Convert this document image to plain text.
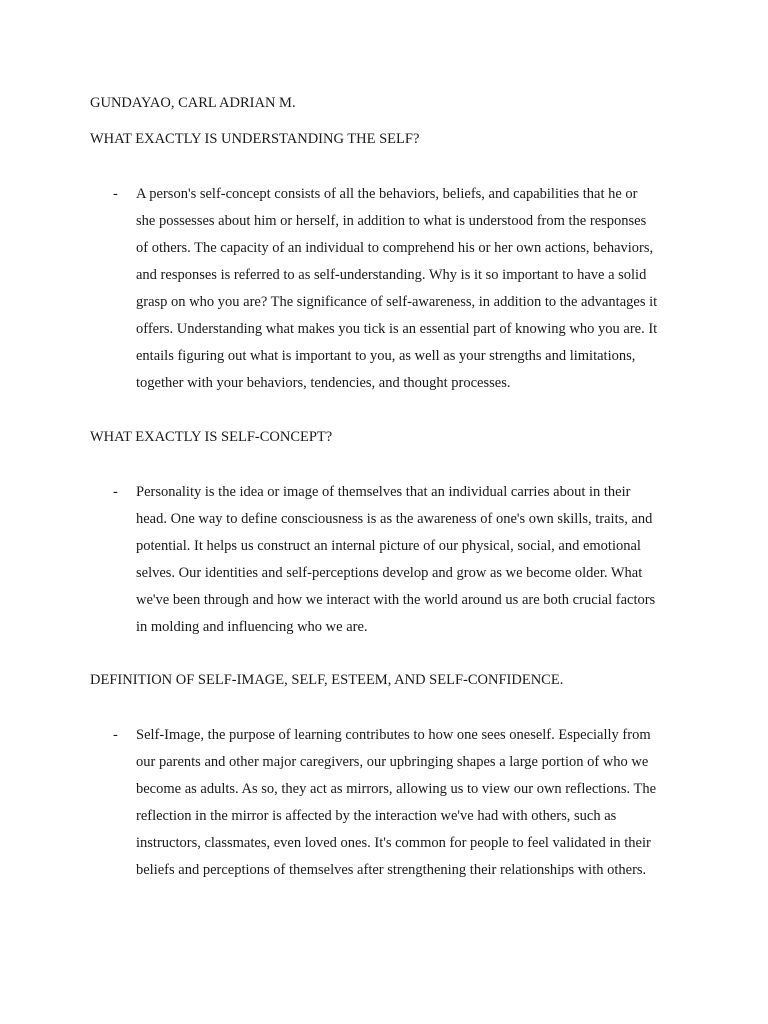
GUNDAYAO, CARL ADRIAN M.
WHAT EXACTLY IS UNDERSTANDING THE SELF?
- A person's self-concept consists of all the behaviors, beliefs, and capabilities that he or
she possesses about him or herself, in addition to what is understood from the responses
of others. The capacity of an individual to comprehend his or her own actions, behaviors,
and responses is referred to as self-understanding. Why is it so important to have a solid
grasp on who you are? The significance of self-awareness, in addition to the advantages it
offers. Understanding what makes you tick is an essential part of knowing who you are. It
entails figuring out what is important to you, as well as your strengths and limitations,
together with your behaviors, tendencies, and thought processes.
WHAT EXACTLY IS SELF-CONCEPT?
- Personality is the idea or image of themselves that an individual carries about in their
head. One way to define consciousness is as the awareness of one's own skills, traits, and
potential. It helps us construct an internal picture of our physical, social, and emotional
selves. Our identities and self-perceptions develop and grow as we become older. What
we've been through and how we interact with the world around us are both crucial factors
in molding and influencing who we are.
DEFINITION OF SELF-IMAGE, SELF, ESTEEM, AND SELF-CONFIDENCE.
- Self-Image, the purpose of learning contributes to how one sees oneself. Especially from
our parents and other major caregivers, our upbringing shapes a large portion of who we
become as adults. As so, they act as mirrors, allowing us to view our own reflections. The
reflection in the mirror is affected by the interaction we've had with others, such as
instructors, classmates, even loved ones. It's common for people to feel validated in their
beliefs and perceptions of themselves after strengthening their relationships with others.
